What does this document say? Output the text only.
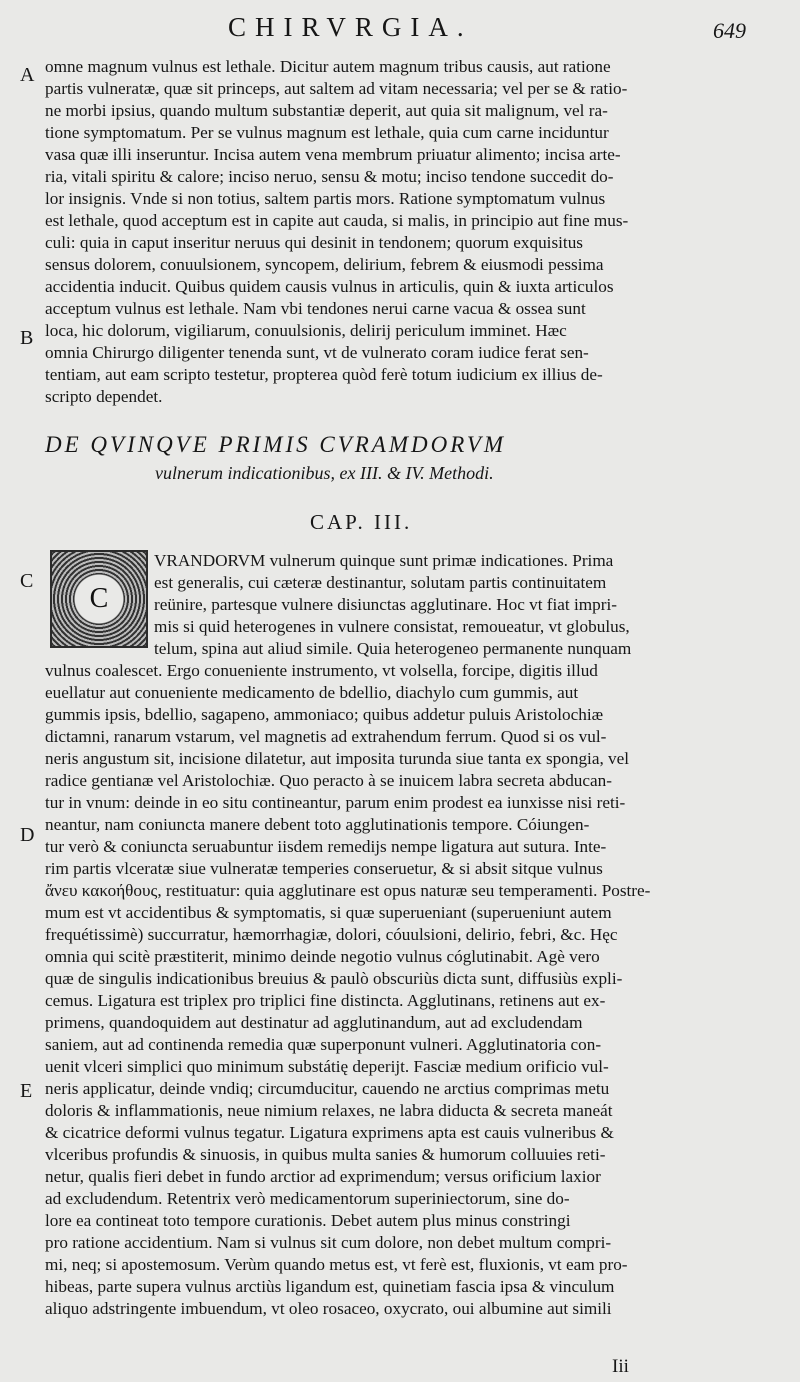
CHIRVRGIA.	649
A
B
C
D
E
omne magnum vulnus est lethale. Dicitur autem magnum tribus causis, aut ratione
partis vulneratæ, quæ sit princeps, aut saltem ad vitam necessaria; vel per se & ratio-
ne morbi ipsius, quando multum substantiæ deperit, aut quia sit malignum, vel ra-
tione symptomatum. Per se vulnus magnum est lethale, quia cum carne inciduntur
vasa quæ illi inseruntur. Incisa autem vena membrum priuatur alimento; incisa arte-
ria, vitali spiritu & calore; inciso neruo, sensu & motu; inciso tendone succedit do-
lor insignis. Vnde si non totius, saltem partis mors. Ratione symptomatum vulnus
est lethale, quod acceptum est in capite aut cauda, si malis, in principio aut fine mus-
culi: quia in caput inseritur neruus qui desinit in tendonem; quorum exquisitus
sensus dolorem, conuulsionem, syncopem, delirium, febrem & eiusmodi pessima
accidentia inducit. Quibus quidem causis vulnus in articulis, quin & iuxta articulos
acceptum vulnus est lethale. Nam vbi tendones nerui carne vacua & ossea sunt
loca, hic dolorum, vigiliarum, conuulsionis, delirij periculum imminet. Hæc
omnia Chirurgo diligenter tenenda sunt, vt de vulnerato coram iudice ferat sen-
tentiam, aut eam scripto testetur, propterea quòd ferè totum iudicium ex illius de-
scripto dependet.
DE QVINQVE PRIMIS CVRAMDORVM
vulnerum indicationibus, ex III. & IV. Methodi.
CAP. III.
C
VRANDORVM vulnerum quinque sunt primæ indicationes. Prima
est generalis, cui cæteræ destinantur, solutam partis continuitatem
reünire, partesque vulnere disiunctas agglutinare. Hoc vt fiat impri-
mis si quid heterogenes in vulnere consistat, remoueatur, vt globulus,
telum, spina aut aliud simile. Quia heterogeneo permanente nunquam
vulnus coalescet. Ergo conueniente instrumento, vt volsella, forcipe, digitis illud
euellatur aut conueniente medicamento de bdellio, diachylo cum gummis, aut
gummis ipsis, bdellio, sagapeno, ammoniaco; quibus addetur puluis Aristolochiæ
dictamni, ranarum vstarum, vel magnetis ad extrahendum ferrum. Quod si os vul-
neris angustum sit, incisione dilatetur, aut imposita turunda siue tanta ex spongia, vel
radice gentianæ vel Aristolochiæ. Quo peracto à se inuicem labra secreta abducan-
tur in vnum: deinde in eo situ contineantur, parum enim prodest ea iunxisse nisi reti-
neantur, nam coniuncta manere debent toto agglutinationis tempore. Cóiungen-
tur verò & coniuncta seruabuntur iisdem remedijs nempe ligatura aut sutura. Inte-
rim partis vlceratæ siue vulneratæ temperies conseruetur, & si absit sitque vulnus
ἄνευ κακοήθους, restituatur: quia agglutinare est opus naturæ seu temperamenti. Postre-
mum est vt accidentibus & symptomatis, si quæ superueniant (superueniunt autem
frequétissimè) succurratur, hæmorrhagiæ, dolori, cóuulsioni, delirio, febri, &c. Hęc
omnia qui scitè præstiterit, minimo deinde negotio vulnus cóglutinabit. Agè vero
quæ de singulis indicationibus breuius & paulò obscuriùs dicta sunt, diffusiùs expli-
cemus. Ligatura est triplex pro triplici fine distincta. Agglutinans, retinens aut ex-
primens, quandoquidem aut destinatur ad agglutinandum, aut ad excludendam
saniem, aut ad continenda remedia quæ superponunt vulneri. Agglutinatoria con-
uenit vlceri simplici quo minimum substátię deperijt. Fasciæ medium orificio vul-
neris applicatur, deinde vndiq; circumducitur, cauendo ne arctius comprimas metu
doloris & inflammationis, neue nimium relaxes, ne labra diducta & secreta maneát
& cicatrice deformi vulnus tegatur. Ligatura exprimens apta est cauis vulneribus &
vlceribus profundis & sinuosis, in quibus multa sanies & humorum colluuies reti-
netur, qualis fieri debet in fundo arctior ad exprimendum; versus orificium laxior
ad excludendum. Retentrix verò medicamentorum superiniectorum, sine do-
lore ea contineat toto tempore curationis. Debet autem plus minus constringi
pro ratione accidentium. Nam si vulnus sit cum dolore, non debet multum compri-
mi, neq; si apostemosum. Verùm quando metus est, vt ferè est, fluxionis, vt eam pro-
hibeas, parte supera vulnus arctiùs ligandum est, quinetiam fascia ipsa & vinculum
aliquo adstringente imbuendum, vt oleo rosaceo, oxycrato, oui albumine aut simili
Iii
